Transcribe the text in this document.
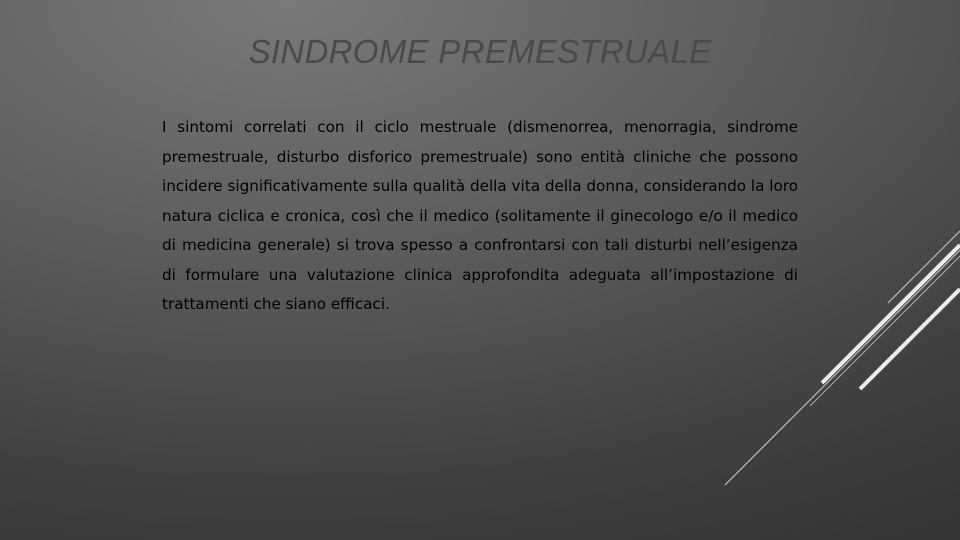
SINDROME PREMESTRUALE

I sintomi correlati con il ciclo mestruale (dismenorrea, menorragia, sindrome premestruale, disturbo disforico premestruale) sono entità cliniche che possono incidere significativamente sulla qualità della vita della donna, considerando la loro natura ciclica e cronica, così che il medico (solitamente il ginecologo e/o il medico di medicina generale) si trova spesso a confrontarsi con tali disturbi nell’esigenza di formulare una valutazione clinica approfondita adeguata all’impostazione di trattamenti che siano efficaci.
